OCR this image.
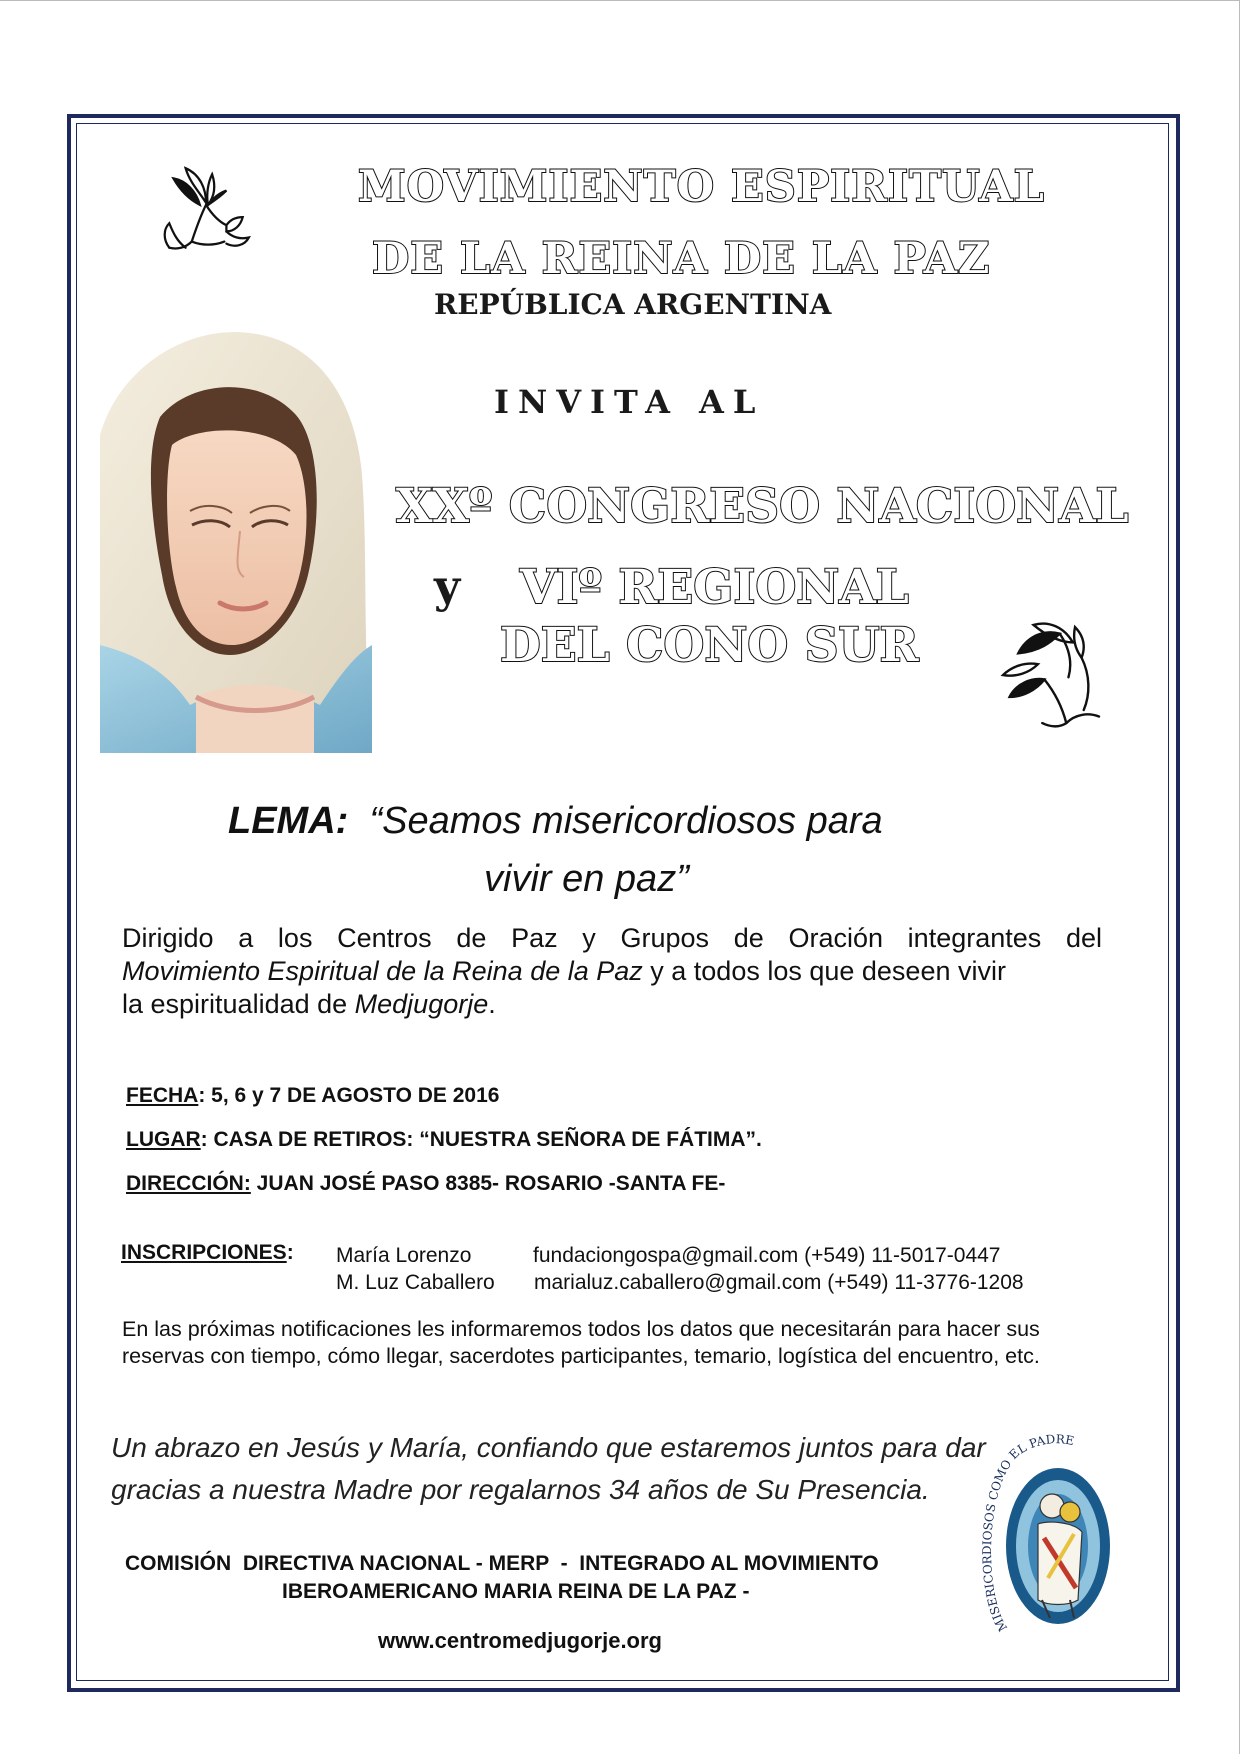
MOVIMIENTO ESPIRITUAL
DE LA REINA DE LA PAZ
REPÚBLICA ARGENTINA
INVITA AL
XXº CONGRESO NACIONAL
y VIº REGIONAL
DEL CONO SUR
LEMA: “Seamos misericordiosos para
vivir en paz”
Dirigido a los Centros de Paz y Grupos de Oración integrantes del
Movimiento Espiritual de la Reina de la Paz y a todos los que deseen vivir
la espiritualidad de Medjugorje.
FECHA: 5, 6 y 7 DE AGOSTO DE 2016
LUGAR: CASA DE RETIROS: “NUESTRA SEÑORA DE FÁTIMA”.
DIRECCIÓN: JUAN JOSÉ PASO 8385- ROSARIO -SANTA FE-
INSCRIPCIONES: María Lorenzo	fundaciongospa@gmail.com (+549) 11-5017-0447
M. Luz Caballero marialuz.caballero@gmail.com (+549) 11-3776-1208
En las próximas notificaciones les informaremos todos los datos que necesitarán para hacer sus
reservas con tiempo, cómo llegar, sacerdotes participantes, temario, logística del encuentro, etc.
Un abrazo en Jesús y María, confiando que estaremos juntos para dar
gracias a nuestra Madre por regalarnos 34 años de Su Presencia.
COMISIÓN  DIRECTIVA NACIONAL - MERP  -  INTEGRADO AL MOVIMIENTO
IBEROAMERICANO MARIA REINA DE LA PAZ -
www.centromedjugorje.org
MISERICORDIOSOS COMO EL PADRE
